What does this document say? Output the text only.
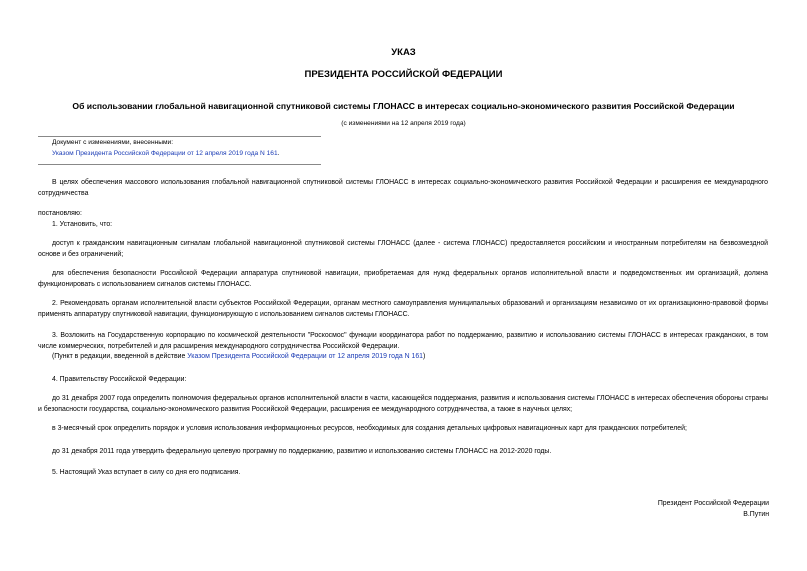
УКАЗ
ПРЕЗИДЕНТА РОССИЙСКОЙ ФЕДЕРАЦИИ
Об использовании глобальной навигационной спутниковой системы ГЛОНАСС в интересах социально-экономического развития Российской Федерации
(с изменениями на 12 апреля 2019 года)
Документ с изменениями, внесенными:
Указом Президента Российской Федерации от 12 апреля 2019 года N 161.
В целях обеспечения массового использования глобальной навигационной спутниковой системы ГЛОНАСС в интересах социально-экономического развития Российской Федерации и расширения ее международного сотрудничества
постановляю:
1. Установить, что:
доступ к гражданским навигационным сигналам глобальной навигационной спутниковой системы ГЛОНАСС (далее - система ГЛОНАСС) предоставляется российским и иностранным потребителям на безвозмездной основе и без ограничений;
для обеспечения безопасности Российской Федерации аппаратура спутниковой навигации, приобретаемая для нужд федеральных органов исполнительной власти и подведомственных им организаций, должна функционировать с использованием сигналов системы ГЛОНАСС.
2. Рекомендовать органам исполнительной власти субъектов Российской Федерации, органам местного самоуправления муниципальных образований и организациям независимо от их организационно-правовой формы применять аппаратуру спутниковой навигации, функционирующую с использованием сигналов системы ГЛОНАСС.
3. Возложить на Государственную корпорацию по космической деятельности "Роскосмос" функции координатора работ по поддержанию, развитию и использованию системы ГЛОНАСС в интересах гражданских, в том числе коммерческих, потребителей и для расширения международного сотрудничества Российской Федерации.
(Пункт в редакции, введенной в действие Указом Президента Российской Федерации от 12 апреля 2019 года N 161)
4. Правительству Российской Федерации:
до 31 декабря 2007 года определить полномочия федеральных органов исполнительной власти в части, касающейся поддержания, развития и использования системы ГЛОНАСС в интересах обеспечения обороны страны и безопасности государства, социально-экономического развития Российской Федерации, расширения ее международного сотрудничества, а также в научных целях;
в 3-месячный срок определить порядок и условия использования информационных ресурсов, необходимых для создания детальных цифровых навигационных карт для гражданских потребителей;
до 31 декабря 2011 года утвердить федеральную целевую программу по поддержанию, развитию и использованию системы ГЛОНАСС на 2012-2020 годы.
5. Настоящий Указ вступает в силу со дня его подписания.
Президент Российской Федерации
В.Путин
